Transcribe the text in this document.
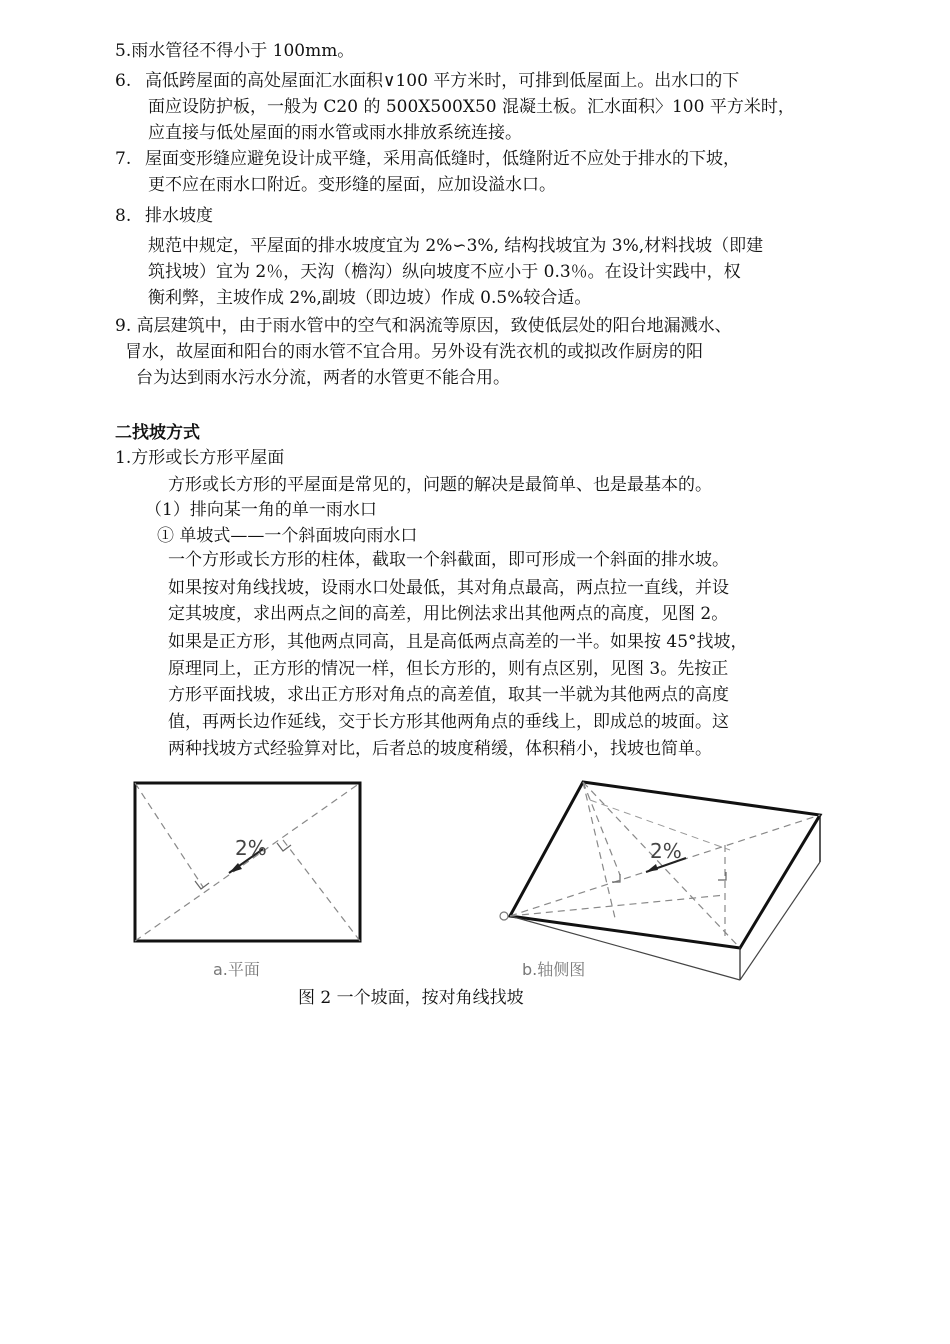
5.雨水管径不得小于 100mm。
6. 高低跨屋面的高处屋面汇水面积∨100 平方米时，可排到低屋面上。出水口的下
面应设防护板，一般为 C20 的 500X500X50 混凝土板。汇水面积〉100 平方米时，
应直接与低处屋面的雨水管或雨水排放系统连接。
7. 屋面变形缝应避免设计成平缝，采用高低缝时，低缝附近不应处于排水的下坡，
更不应在雨水口附近。变形缝的屋面，应加设溢水口。
8. 排水坡度
规范中规定，平屋面的排水坡度宜为 2%∽3%, 结构找坡宜为 3%,材料找坡（即建
筑找坡）宜为 2％，天沟（檐沟）纵向坡度不应小于 0.3％。在设计实践中，权
衡利弊，主坡作成 2%,副坡（即边坡）作成 0.5%较合适。
9. 高层建筑中，由于雨水管中的空气和涡流等原因，致使低层处的阳台地漏溅水、
冒水，故屋面和阳台的雨水管不宜合用。另外设有洗衣机的或拟改作厨房的阳
台为达到雨水污水分流，两者的水管更不能合用。
二找坡方式
1.方形或长方形平屋面
方形或长方形的平屋面是常见的，问题的解决是最简单、也是最基本的。
（1）排向某一角的单一雨水口
① 单坡式——一个斜面坡向雨水口
一个方形或长方形的柱体，截取一个斜截面，即可形成一个斜面的排水坡。
如果按对角线找坡，设雨水口处最低，其对角点最高，两点拉一直线，并设
定其坡度，求出两点之间的高差，用比例法求出其他两点的高度，见图 2。
如果是正方形，其他两点同高，且是高低两点高差的一半。如果按 45°找坡，
原理同上，正方形的情况一样，但长方形的，则有点区别，见图 3。先按正
方形平面找坡，求出正方形对角点的高差值，取其一半就为其他两点的高度
值，再两长边作延线，交于长方形其他两角点的垂线上，即成总的坡面。这
两种找坡方式经验算对比，后者总的坡度稍缓，体积稍小，找坡也简单。
2%
a.平面
2%
b.轴侧图
图 2 一个坡面，按对角线找坡
